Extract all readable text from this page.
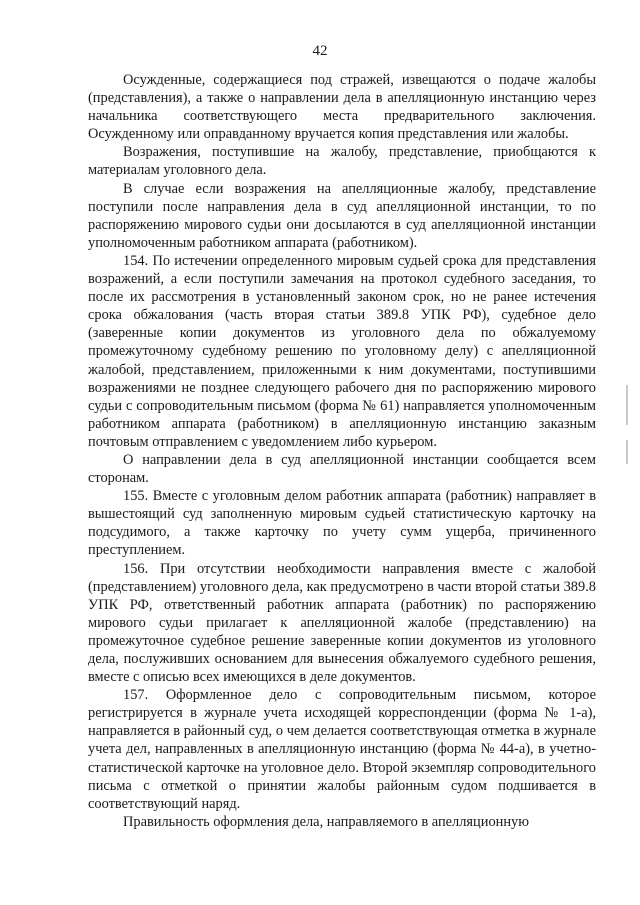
42

Осужденные, содержащиеся под стражей, извещаются о подаче жалобы (представления), а также о направлении дела в апелляционную инстанцию через начальника соответствующего места предварительного заключения. Осужденному или оправданному вручается копия представления или жалобы.

Возражения, поступившие на жалобу, представление, приобщаются к материалам уголовного дела.

В случае если возражения на апелляционные жалобу, представление поступили после направления дела в суд апелляционной инстанции, то по распоряжению мирового судьи они досылаются в суд апелляционной инстанции уполномоченным работником аппарата (работником).

154. По истечении определенного мировым судьей срока для представления возражений, а если поступили замечания на протокол судебного заседания, то после их рассмотрения в установленный законом срок, но не ранее истечения срока обжалования (часть вторая статьи 389.8 УПК РФ), судебное дело (заверенные копии документов из уголовного дела по обжалуемому промежуточному судебному решению по уголовному делу) с апелляционной жалобой, представлением, приложенными к ним документами, поступившими возражениями не позднее следующего рабочего дня по распоряжению мирового судьи с сопроводительным письмом (форма № 61) направляется уполномоченным работником аппарата (работником) в апелляционную инстанцию заказным почтовым отправлением с уведомлением либо курьером.

О направлении дела в суд апелляционной инстанции сообщается всем сторонам.

155. Вместе с уголовным делом работник аппарата (работник) направляет в вышестоящий суд заполненную мировым судьей статистическую карточку на подсудимого, а также карточку по учету сумм ущерба, причиненного преступлением.

156. При отсутствии необходимости направления вместе с жалобой (представлением) уголовного дела, как предусмотрено в части второй статьи 389.8 УПК РФ, ответственный работник аппарата (работник) по распоряжению мирового судьи прилагает к апелляционной жалобе (представлению) на промежуточное судебное решение заверенные копии документов из уголовного дела, послуживших основанием для вынесения обжалуемого судебного решения, вместе с описью всех имеющихся в деле документов.

157. Оформленное дело с сопроводительным письмом, которое регистрируется в журнале учета исходящей корреспонденции (форма № 1-а), направляется в районный суд, о чем делается соответствующая отметка в журнале учета дел, направленных в апелляционную инстанцию (форма № 44-а), в учетно-статистической карточке на уголовное дело. Второй экземпляр сопроводительного письма с отметкой о принятии жалобы районным судом подшивается в соответствующий наряд.

Правильность оформления дела, направляемого в апелляционную
